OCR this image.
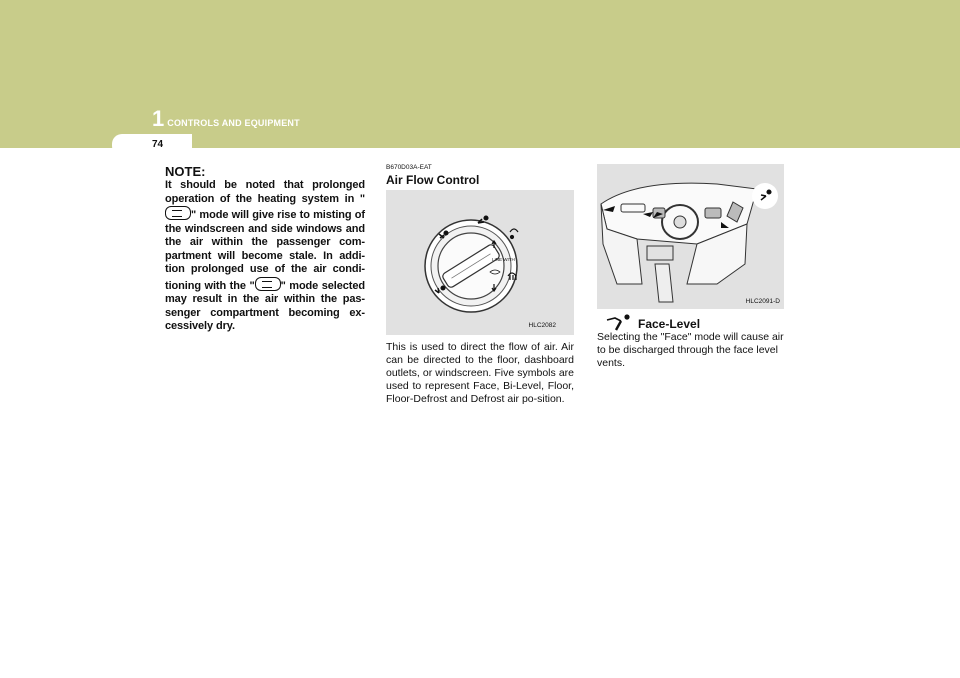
1 CONTROLS AND EQUIPMENT
74
NOTE:
It should be noted that prolonged operation of the heating system in "" mode will give rise to misting of the windscreen and side windows and the air within the passenger com-partment will become stale. In addi-tion prolonged use of the air condi-tioning with the " " mode selected may result in the air within the pas-senger compartment becoming ex-cessively dry.
B670D03A-EAT
Air Flow Control
LINE WITH
HLC2082
This is used to direct the flow of air. Air can be directed to the floor, dashboard outlets, or windscreen. Five symbols are used to represent Face, Bi-Level, Floor, Floor-Defrost and Defrost air po-sition.
HLC2091-D
Face-Level
Selecting the "Face" mode will cause air to be discharged through the face level vents.
